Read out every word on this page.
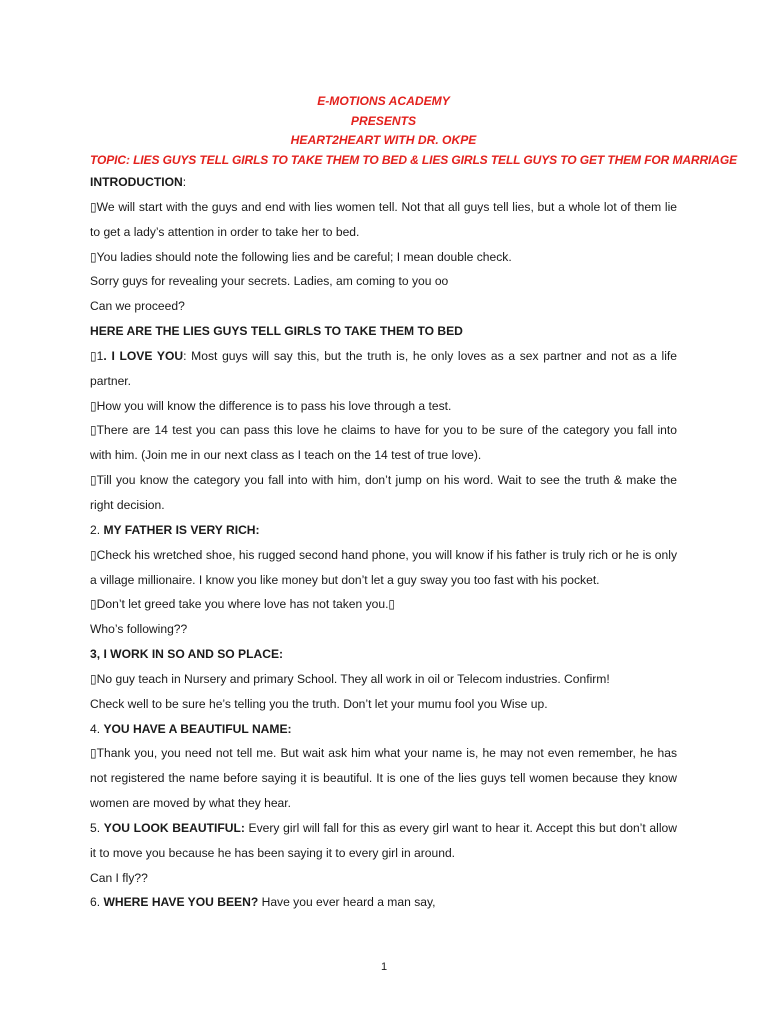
E-MOTIONS ACADEMY
PRESENTS
HEART2HEART WITH DR. OKPE
TOPIC: LIES GUYS TELL GIRLS TO TAKE THEM TO BED & LIES GIRLS TELL GUYS TO GET THEM FOR MARRIAGE

INTRODUCTION:

▯We will start with the guys and end with lies women tell. Not that all guys tell lies, but a whole lot of them lie to get a lady’s attention in order to take her to bed.

▯You ladies should note the following lies and be careful; I mean double check.

Sorry guys for revealing your secrets. Ladies, am coming to you oo

Can we proceed?

HERE ARE THE LIES GUYS TELL GIRLS TO TAKE THEM TO BED

▯1. I LOVE YOU: Most guys will say this, but the truth is, he only loves as a sex partner and not as a life partner.

▯How you will know the difference is to pass his love through a test.

▯There are 14 test you can pass this love he claims to have for you to be sure of the category you fall into with him. (Join me in our next class as I teach on the 14 test of true love).

▯Till you know the category you fall into with him, don’t jump on his word. Wait to see the truth & make the right decision.

2. MY FATHER IS VERY RICH:

▯Check his wretched shoe, his rugged second hand phone, you will know if his father is truly rich or he is only a village millionaire. I know you like money but don’t let a guy sway you too fast with his pocket.

▯Don’t let greed take you where love has not taken you.▯

Who’s following??

3, I WORK IN SO AND SO PLACE:

▯No guy teach in Nursery and primary School. They all work in oil or Telecom industries. Confirm!

Check well to be sure he’s telling you the truth. Don’t let your mumu fool you Wise up.

4. YOU HAVE A BEAUTIFUL NAME:

▯Thank you, you need not tell me. But wait ask him what your name is, he may not even remember, he has not registered the name before saying it is beautiful. It is one of the lies guys tell women because they know women are moved by what they hear.

5. YOU LOOK BEAUTIFUL: Every girl will fall for this as every girl want to hear it. Accept this but don’t allow it to move you because he has been saying it to every girl in around.

Can I fly??

6. WHERE HAVE YOU BEEN? Have you ever heard a man say,

1
